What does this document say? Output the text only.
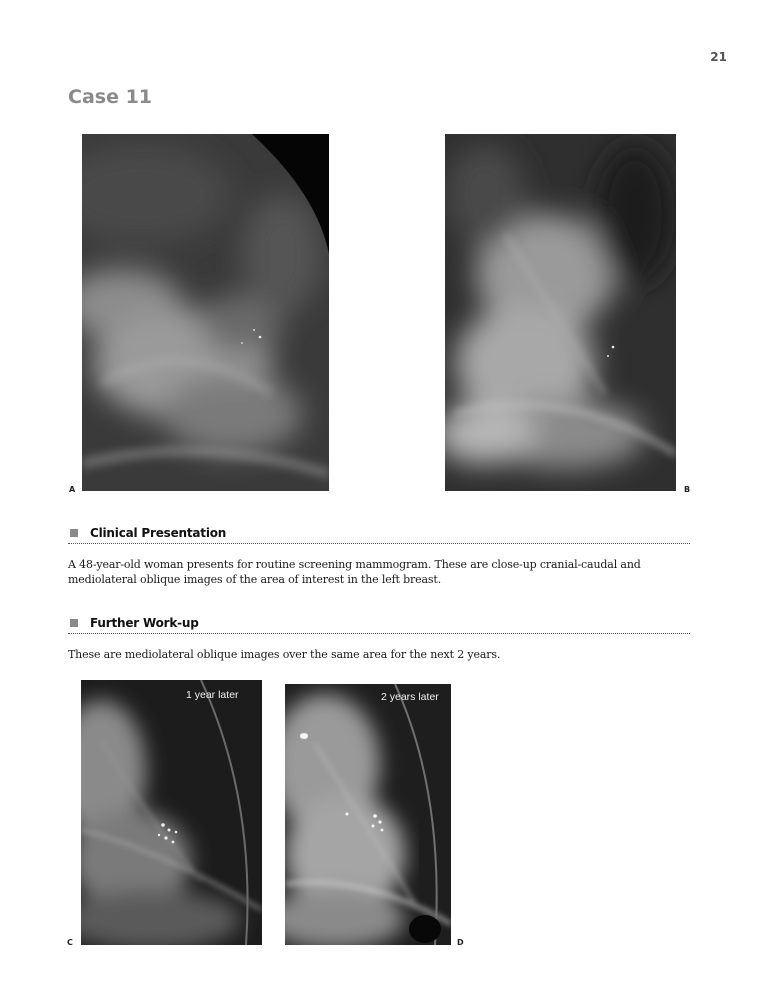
21
Case 11
A	B
Clinical Presentation
A 48-year-old woman presents for routine screening mammogram. These are close-up cranial-caudal and mediolateral oblique images of the area of interest in the left breast.
Further Work-up
These are mediolateral oblique images over the same area for the next 2 years.
1 year later
C
2 years later
D
